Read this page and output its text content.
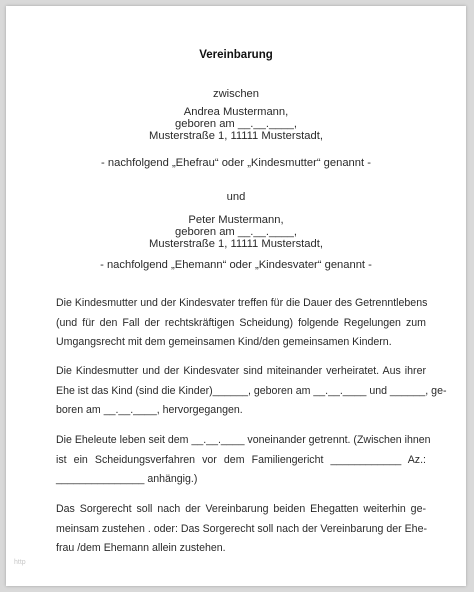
Vereinbarung
zwischen
Andrea Mustermann,
geboren am __.__.____,
Musterstraße 1, 11111 Musterstadt,
- nachfolgend „Ehefrau“ oder „Kindesmutter“ genannt -
und
Peter Mustermann,
geboren am __.__.____,
Musterstraße 1, 11111 Musterstadt,
- nachfolgend „Ehemann“ oder „Kindesvater“ genannt -
Die Kindesmutter und der Kindesvater treffen für die Dauer des Getrenntlebens
(und für den Fall der rechtskräftigen Scheidung) folgende Regelungen zum
Umgangsrecht mit dem gemeinsamen Kind/den gemeinsamen Kindern.
Die Kindesmutter und der Kindesvater sind miteinander verheiratet. Aus ihrer
Ehe ist das Kind (sind die Kinder)______, geboren am __.__.____ und ______, ge-
boren am __.__.____, hervorgegangen.
Die Eheleute leben seit dem __.__.____ voneinander getrennt. (Zwischen ihnen
ist ein Scheidungsverfahren vor dem Familiengericht ____________ Az.:
_______________ anhängig.)
Das Sorgerecht soll nach der Vereinbarung beiden Ehegatten weiterhin ge-
meinsam zustehen . oder: Das Sorgerecht soll nach der Vereinbarung der Ehe-
frau /dem Ehemann allein zustehen.
http
